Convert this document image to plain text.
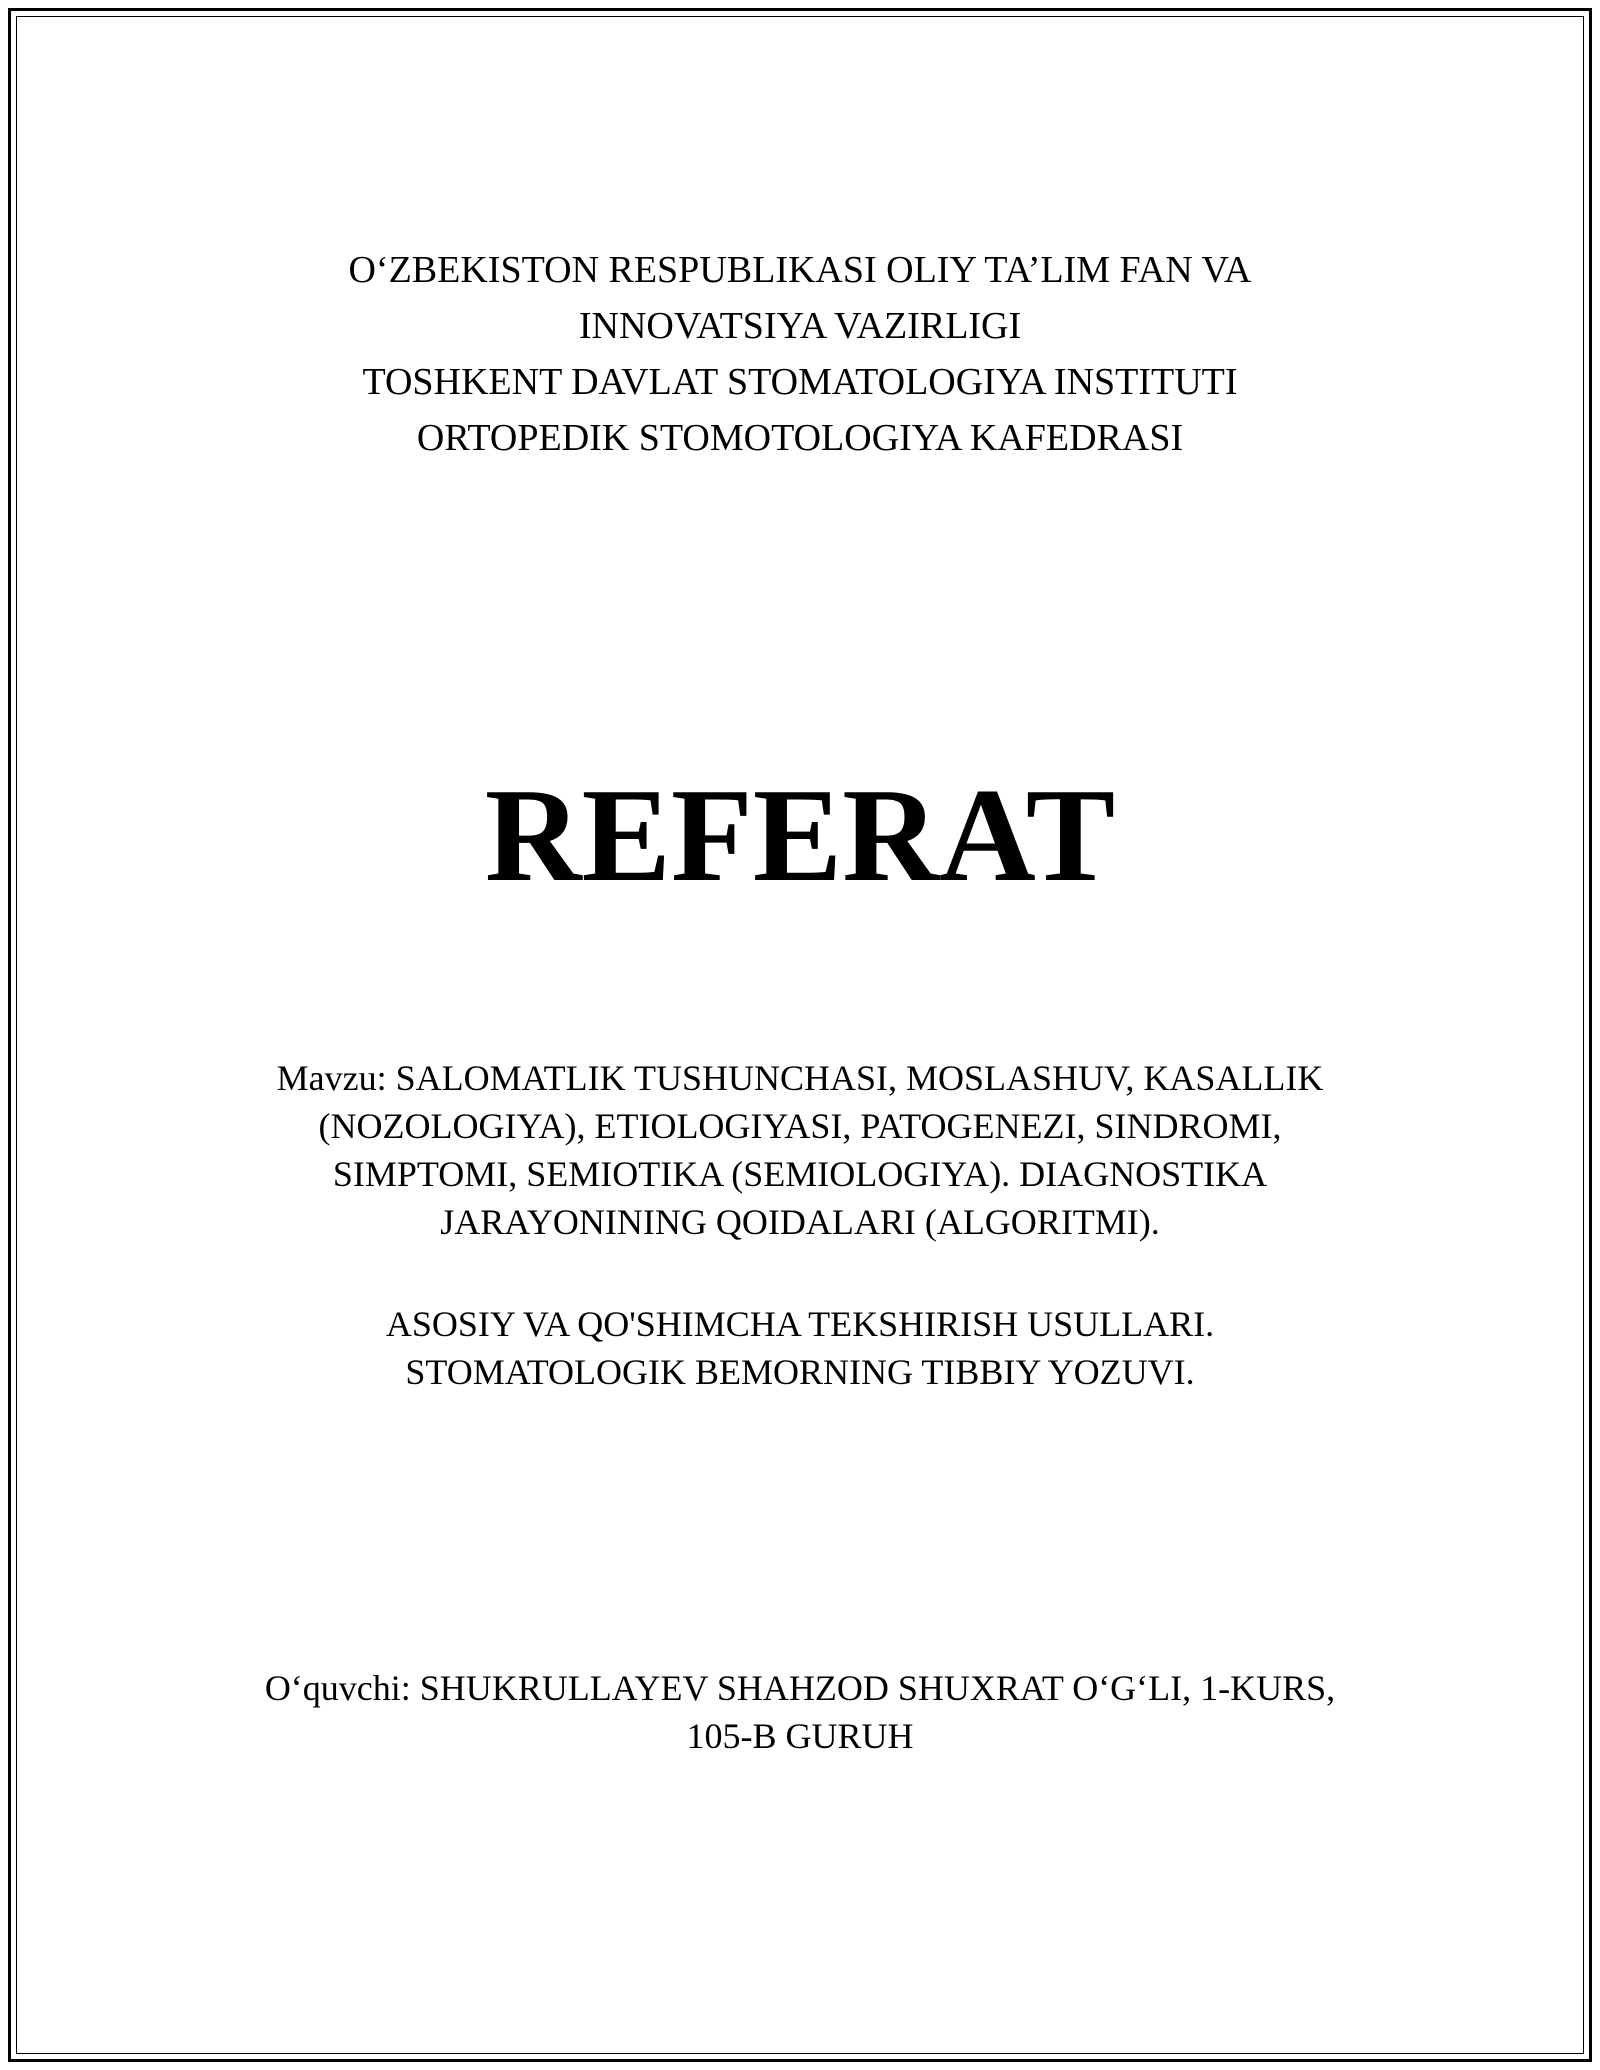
O‘ZBEKISTON RESPUBLIKASI OLIY TA’LIM FAN VA
INNOVATSIYA VAZIRLIGI
TOSHKENT DAVLAT STOMATOLOGIYA INSTITUTI
ORTOPEDIK STOMOTOLOGIYA KAFEDRASI
REFERAT
Mavzu: SALOMATLIK TUSHUNCHASI, MOSLASHUV, KASALLIK
(NOZOLOGIYA), ETIOLOGIYASI, PATOGENEZI, SINDROMI,
SIMPTOMI, SEMIOTIKA (SEMIOLOGIYA). DIAGNOSTIKA
JARAYONINING QOIDALARI (ALGORITMI).
ASOSIY VA QO'SHIMCHA TEKSHIRISH USULLARI.
STOMATOLOGIK BEMORNING TIBBIY YOZUVI.
O‘quvchi: SHUKRULLAYEV SHAHZOD SHUXRAT O‘G‘LI, 1-KURS,
105-B GURUH
